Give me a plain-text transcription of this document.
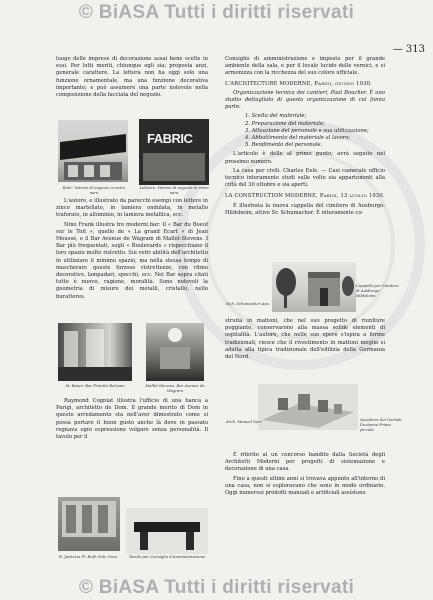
© BiASA Tutti i diritti riservati
— 313

luogo delle imprese di decorazione assai bene scelte in essi. Per lutti meriti, chiunque egli sia; proposta anzi, generale carattere. La lettera non ha oggi solo una funzione ornamentale, ma una funzione decorativa importante; e può assumere una parte notevole nella composizione della facciata del negozio.

FABRIC
Rohr. Vetrine di negozio in vetro nero
Lelievre. Vetrine di negozio in vetro nero

L'autore, e illustrato da parecchi esempi con lettere in zinco martellato, in lamiera ondulata, in metallo traforato, in alluminio, in lamiera metallica, ecc.

Nino Frank illustra tre moderni bar: Il « Bar du Boeuf sur le Toit », quello de « La grand Ecart » di Jean Moussé, e il Bar Avenue de Wagram di Mallet-Stevens. I Bar più frequentati, sugli « Boulevards » rispecchiano il loro spazio molto ristretto. Sui vetri abilità dell'architetto in utilizzare il minimo spazio, ma nella stessa tempo di mascherare queste forzose ristrettezze, con ritmo decorativo, lampadari, specchi, ecc. Nei Bar sopra citati tutto è nuovo, ragione, moralità. Sono notevoli la geometria di misure dei metalli, cristallo, nello buratteres.

M. Bauer. Bar Priorité Bolzano	Mallet-Stevens. Bar Avenue de Wagram

Raymond Cogniat illustra l'ufficio di una banca a Parigi, architetto de Dom. Il grande merito di Dom in questo arredamento sta nell'aver dimostrato come si possa portare il buon gusto anche là dove in passato regnava ogni espressione volgare senza personalità. Il tavolo per il

R. Jacheria Pl. Roth Salv. Dom	Tavolo per Consiglio d'Amministrazione

Consiglio di amministrazione e imposto per il grande ambiente della sala, e per il locale lucido delle vernici, e si armonizza con la ricchezza del suo colore ufficiale.

L'ARCHITECTURE MODERNE, Parigi, giugno 1930.

Organizzazione tecnica dei cantieri, Paul Boucher. È uno studio dettagliato di questa organizzazione di cui fanno parte:

1. Scelta del materiale;
2. Preparazione del materiale;
3. Attuazione del personale e sua utilizzazione;
4. Abbattimento del materiale al lavoro;
5. Rendimento del personale.

L'articolo è delle al primo punto; avrà seguito nel prossimo numero.

La casa per civili. Charles Eele. — Casi camerale ufficio tecnico interamente studi sulle volte sia appartenenti alla città del 30 ottobre e sia aperti.

LA CONSTRUCTION MODERNE, Parigi, 13 luglio 1930.

È illustrata la nuova cappella del cimitero di Ausburgo-Hildsheim, attive Sr. Schumacher. È interamente co-

Hch. Schumacher Aus.
Cappella per Cimitero di Ausburgo-Hildsheim

struita in mattoni, che nel suo progetto di riuniture poggiante, conservarono alla massa solide elementi di ospitalità. L'autore, che nelle sue opere s'ispira a forme tradizionali, riesce che il rivestimento in mattoni meglio si adatta alla tipica tradizionale dell'edilizia della Germania del Nord.

Arch. Manuel Serr	Quartiere dei Gortioli Dovienne Prima piccola

È riferito al un concorso bandito dalla Società degli Architetti Moderni per progetti di sistemazione e decorazione di una casa.

Fino a questi ultimi anni si trovava appunto all'interno di una casa, non si esploravano che sono in modo ordinario. Oggi numerosi prodotti manuali e artificiali assistono

© BiASA Tutti i diritti riservati
